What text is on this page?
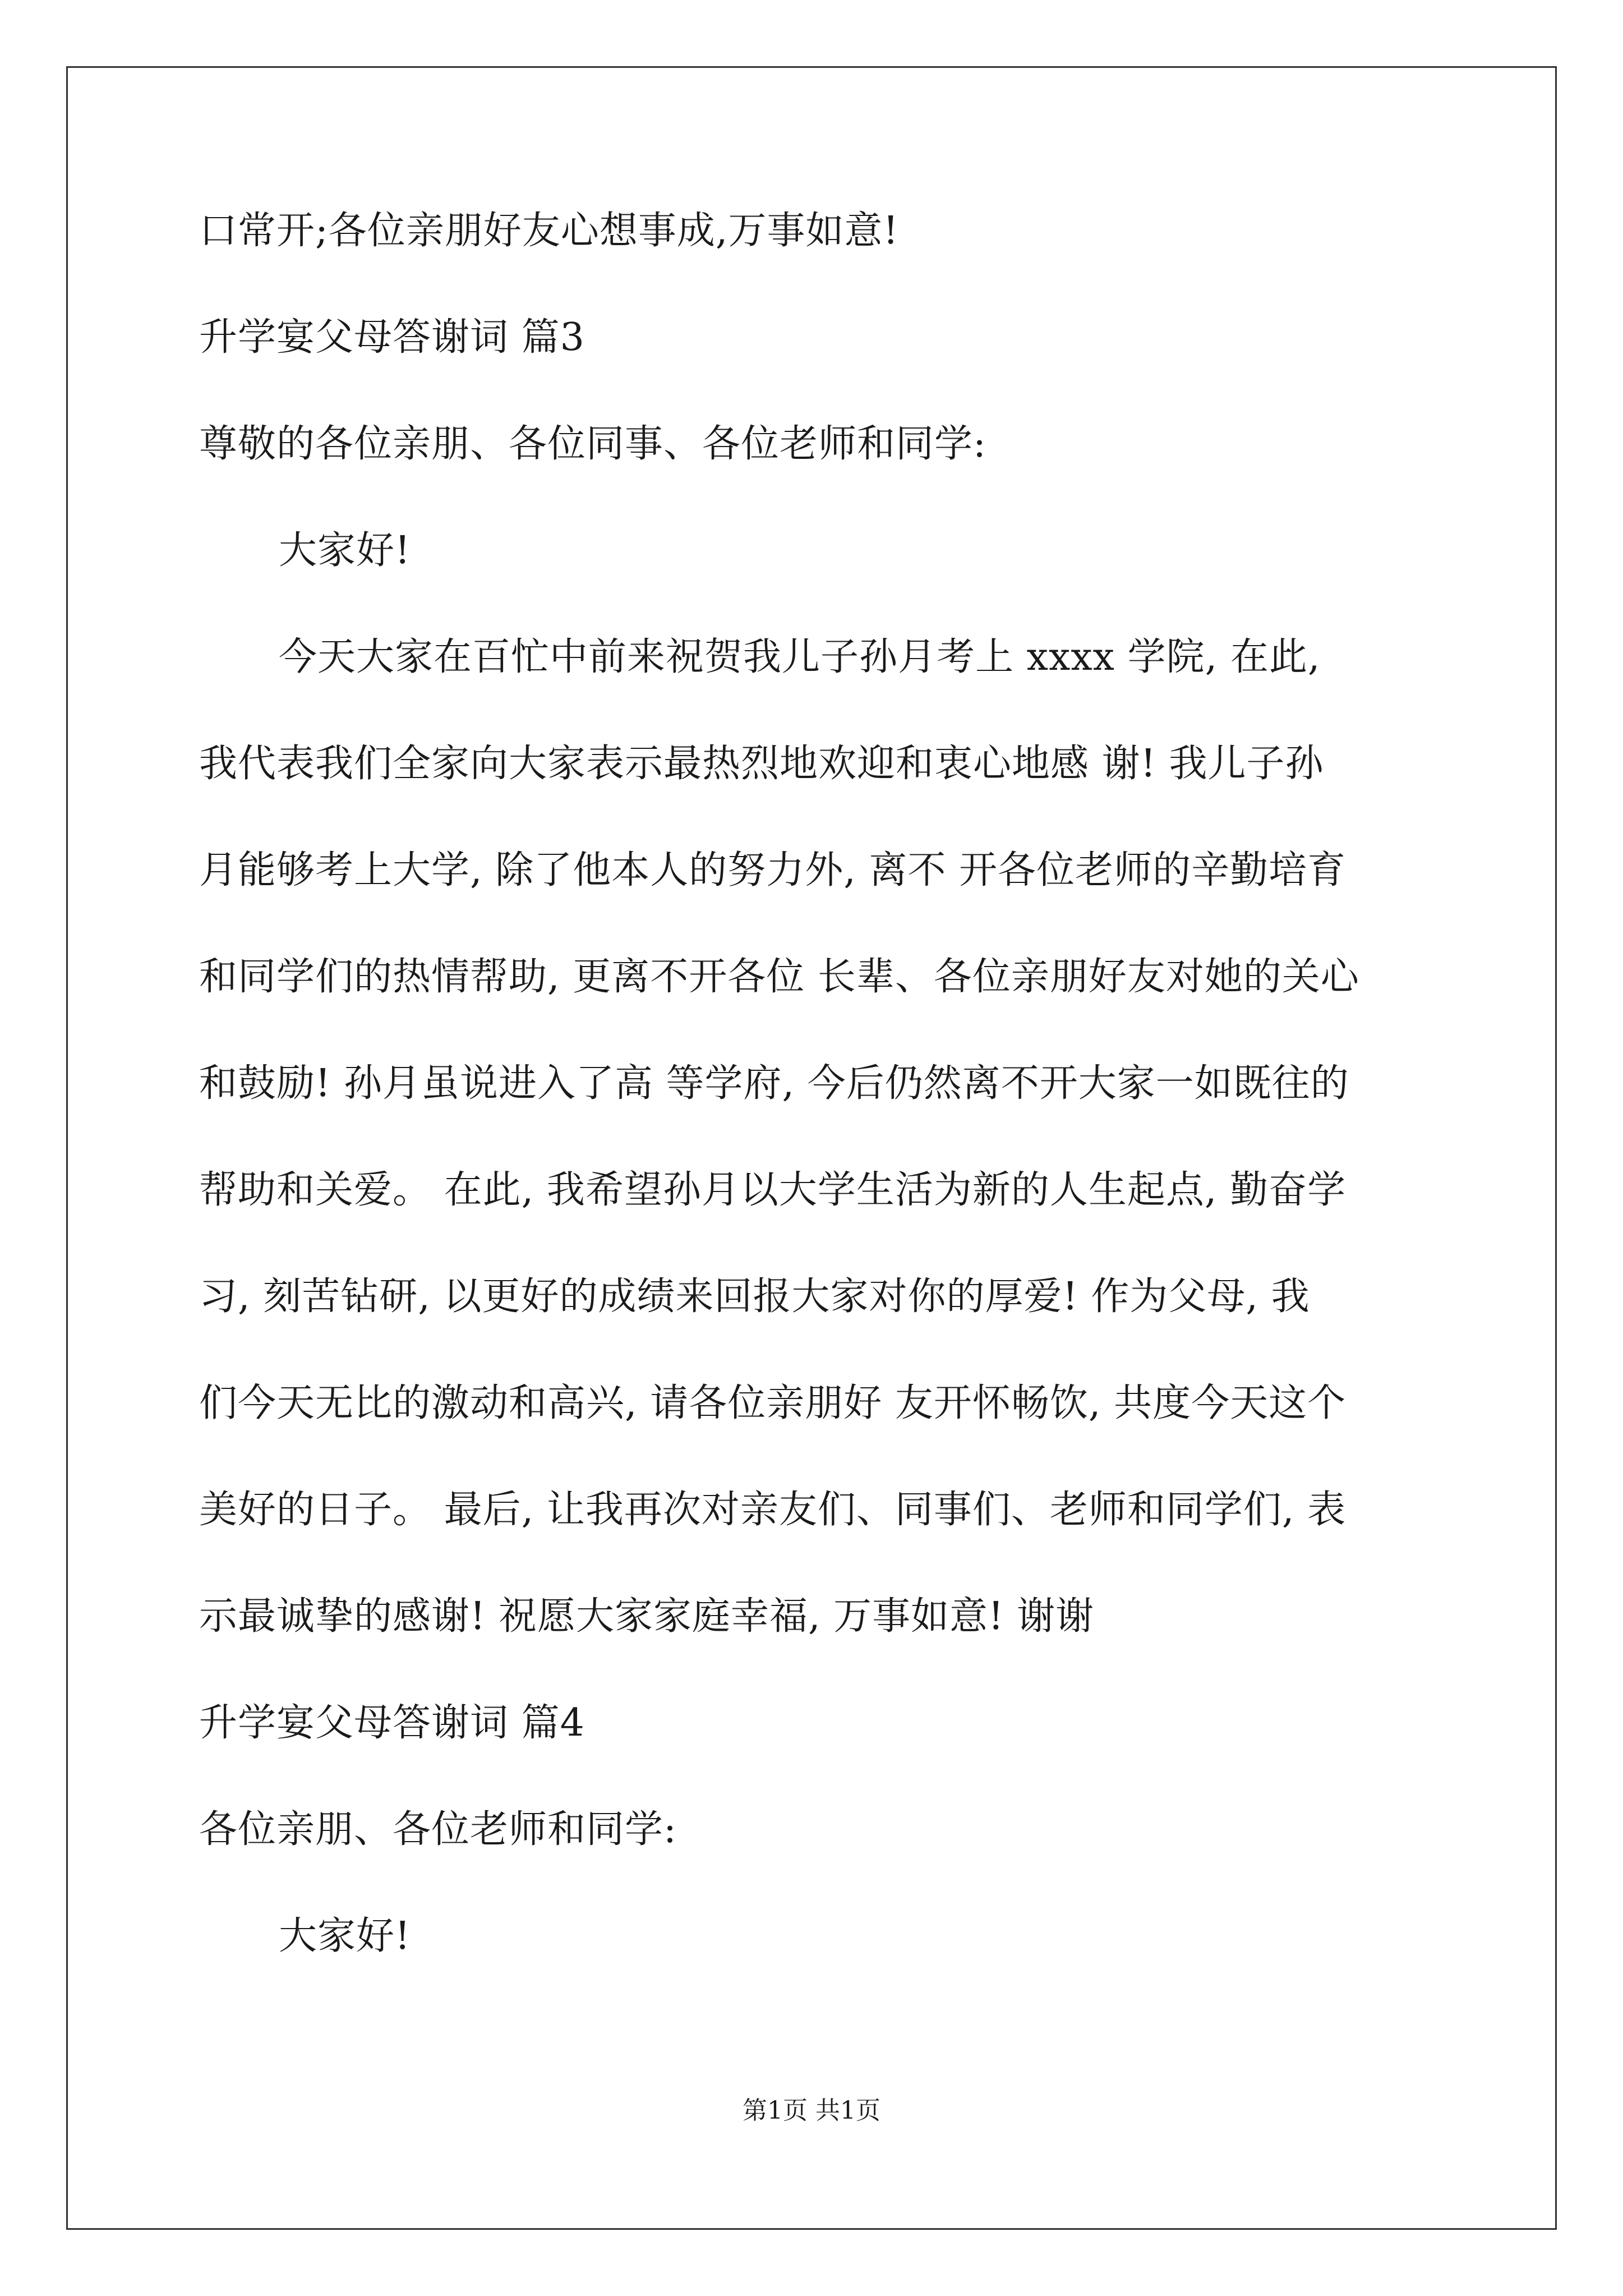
口常开;各位亲朋好友心想事成,万事如意!
升学宴父母答谢词 篇3
尊敬的各位亲朋、各位同事、各位老师和同学:
大家好!
今天大家在百忙中前来祝贺我儿子孙月考上 xxxx 学院, 在此,
我代表我们全家向大家表示最热烈地欢迎和衷心地感 谢! 我儿子孙
月能够考上大学, 除了他本人的努力外, 离不 开各位老师的辛勤培育
和同学们的热情帮助, 更离不开各位 长辈、各位亲朋好友对她的关心
和鼓励! 孙月虽说进入了高 等学府, 今后仍然离不开大家一如既往的
帮助和关爱。 在此, 我希望孙月以大学生活为新的人生起点, 勤奋学
习, 刻苦钻研, 以更好的成绩来回报大家对你的厚爱! 作为父母, 我
们今天无比的激动和高兴, 请各位亲朋好 友开怀畅饮, 共度今天这个
美好的日子。 最后, 让我再次对亲友们、同事们、老师和同学们, 表
示最诚挚的感谢! 祝愿大家家庭幸福, 万事如意! 谢谢
升学宴父母答谢词 篇4
各位亲朋、各位老师和同学:
大家好!
第1页 共1页
